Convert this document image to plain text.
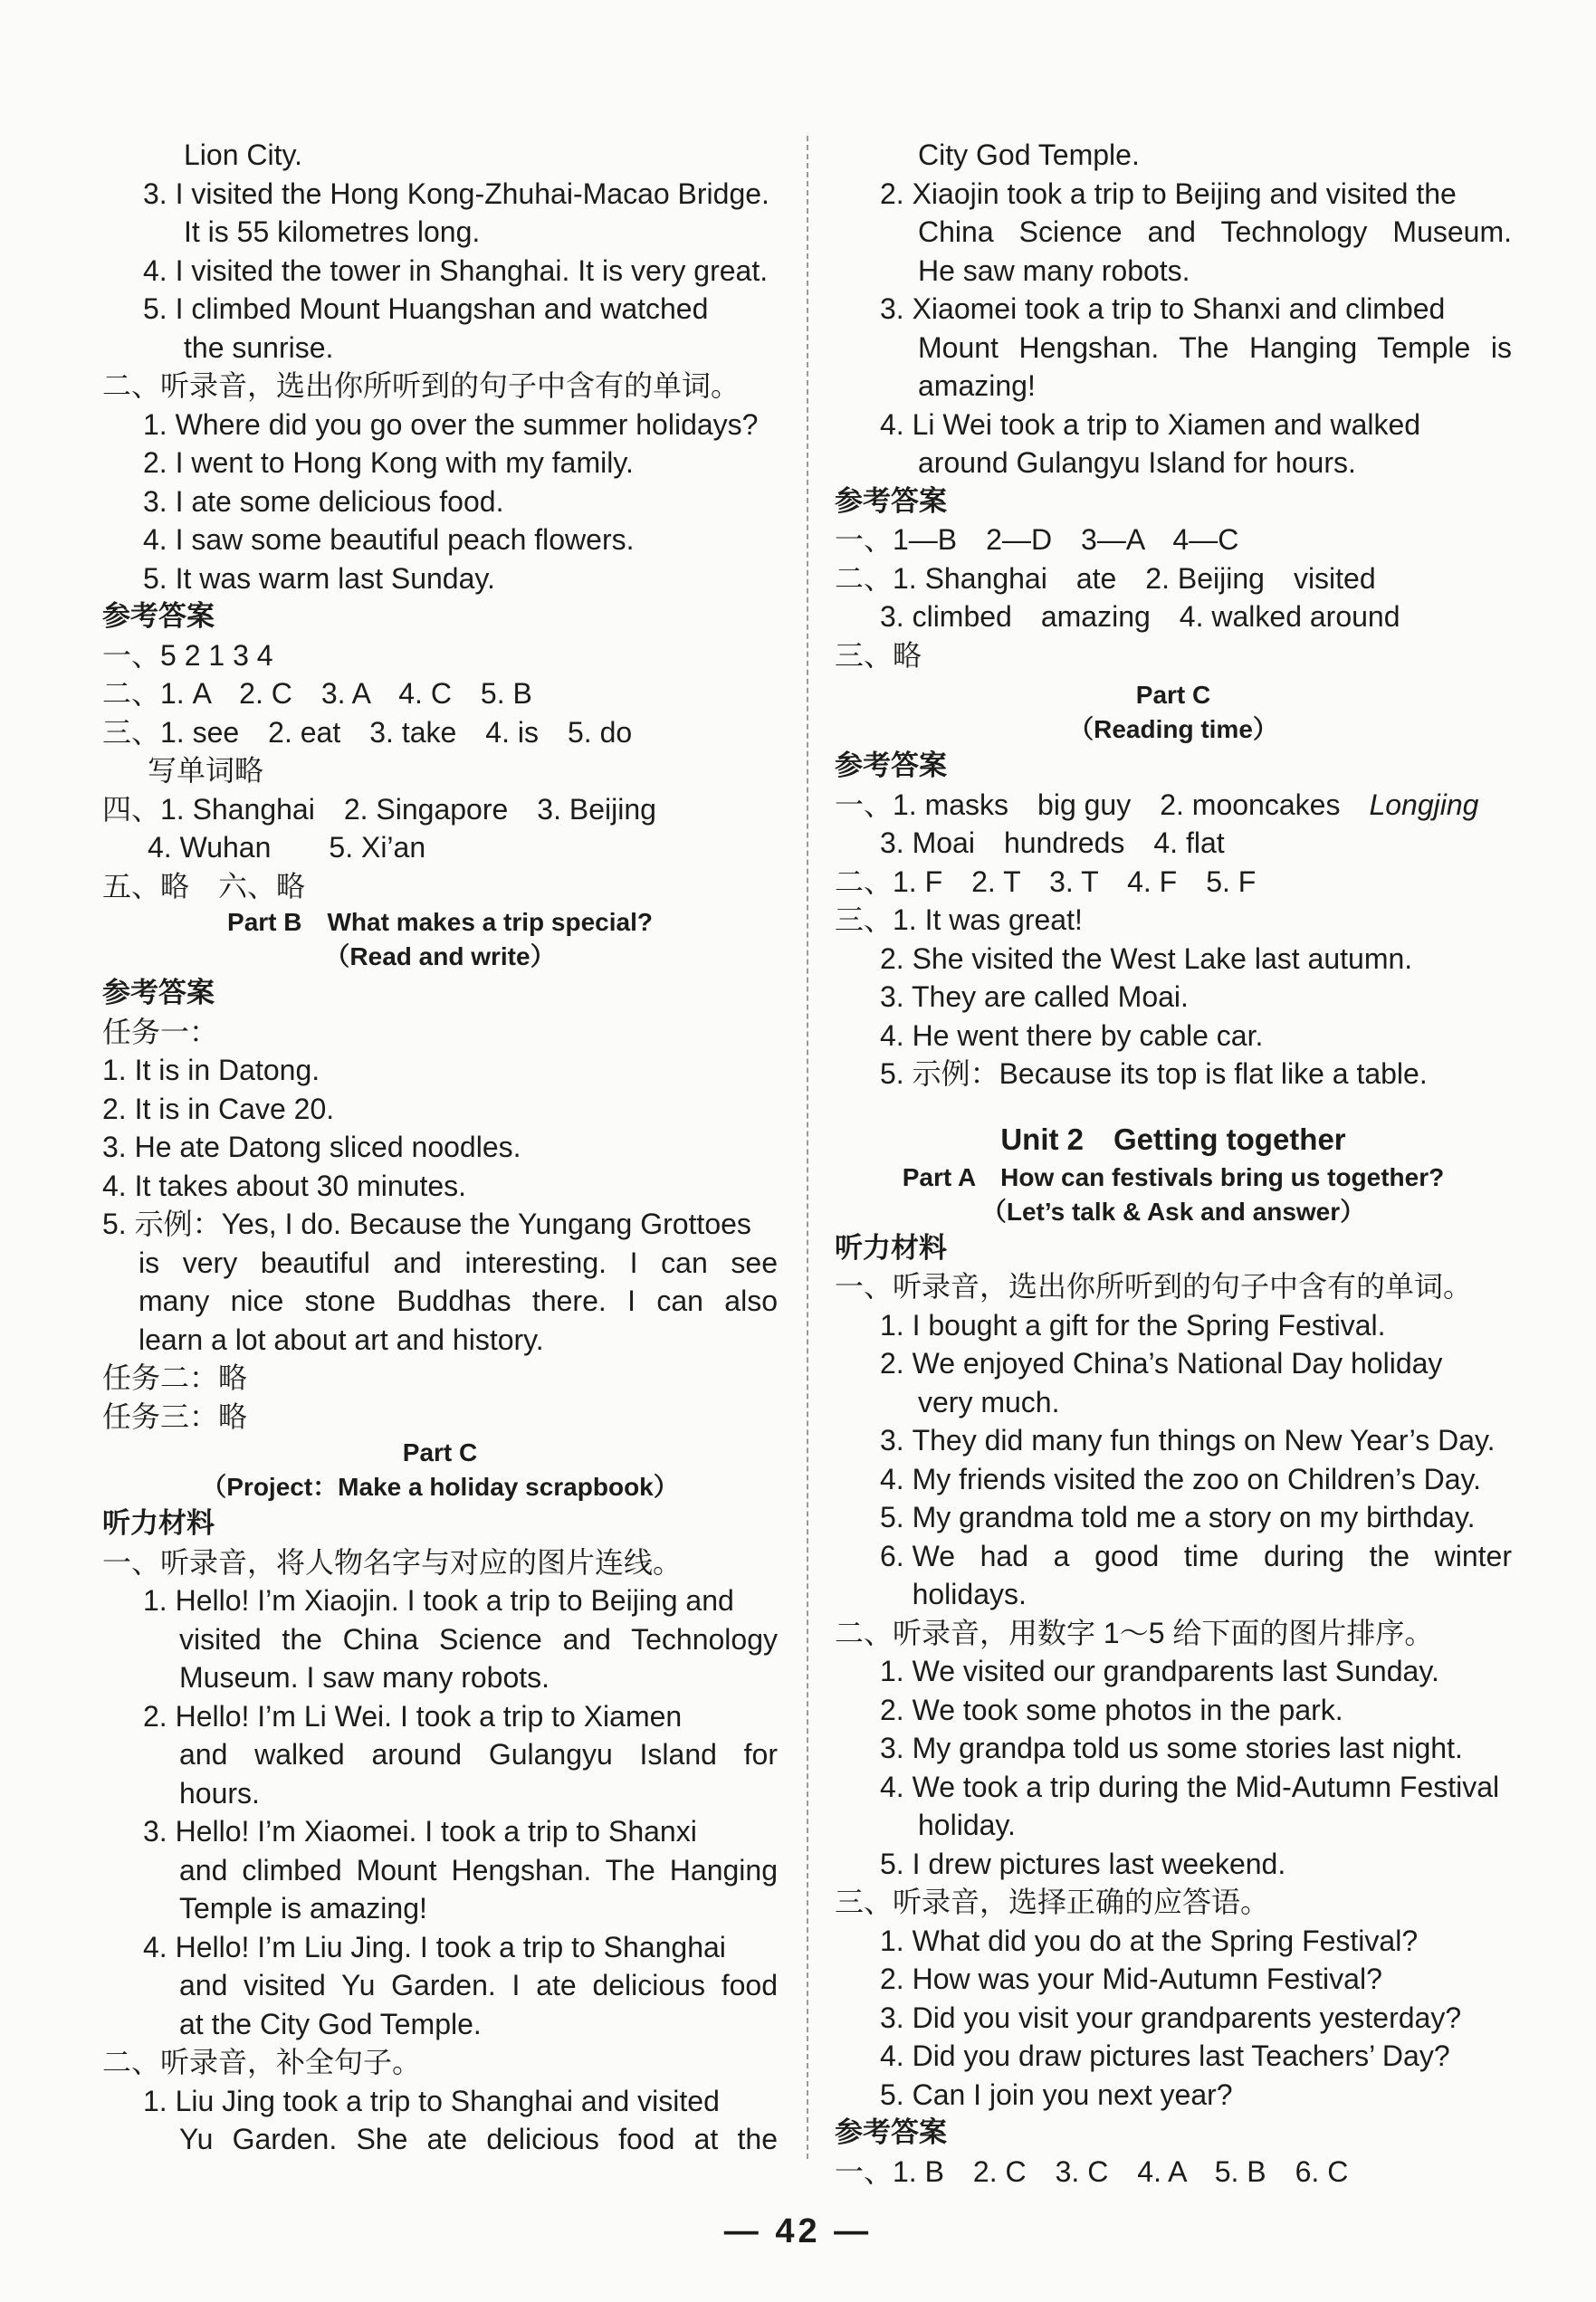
Lion City.
3. I visited the Hong Kong-Zhuhai-Macao Bridge.
It is 55 kilometres long.
4. I visited the tower in Shanghai. It is very great.
5. I climbed Mount Huangshan and watched
the sunrise.
二、听录音，选出你所听到的句子中含有的单词。
1. Where did you go over the summer holidays?
2. I went to Hong Kong with my family.
3. I ate some delicious food.
4. I saw some beautiful peach flowers.
5. It was warm last Sunday.
参考答案
一、5 2 1 3 4
二、1. A　2. C　3. A　4. C　5. B
三、1. see　2. eat　3. take　4. is　5. do
写单词略
四、1. Shanghai　2. Singapore　3. Beijing
4. Wuhan　　5. Xi’an
五、略　六、略
Part B　What makes a trip special?
（Read and write）
参考答案
任务一：
1. It is in Datong.
2. It is in Cave 20.
3. He ate Datong sliced noodles.
4. It takes about 30 minutes.
5. 示例：Yes, I do. Because the Yungang Grottoes
is very beautiful and interesting. I can see
many nice stone Buddhas there. I can also
learn a lot about art and history.
任务二：略
任务三：略
Part C
（Project：Make a holiday scrapbook）
听力材料
一、听录音，将人物名字与对应的图片连线。
1. Hello! I’m Xiaojin. I took a trip to Beijing and
visited the China Science and Technology
Museum. I saw many robots.
2. Hello! I’m Li Wei. I took a trip to Xiamen
and walked around Gulangyu Island for
hours.
3. Hello! I’m Xiaomei. I took a trip to Shanxi
and climbed Mount Hengshan. The Hanging
Temple is amazing!
4. Hello! I’m Liu Jing. I took a trip to Shanghai
and visited Yu Garden. I ate delicious food
at the City God Temple.
二、听录音，补全句子。
1. Liu Jing took a trip to Shanghai and visited
Yu Garden. She ate delicious food at the
City God Temple.
2. Xiaojin took a trip to Beijing and visited the
China Science and Technology Museum.
He saw many robots.
3. Xiaomei took a trip to Shanxi and climbed
Mount Hengshan. The Hanging Temple is
amazing!
4. Li Wei took a trip to Xiamen and walked
around Gulangyu Island for hours.
参考答案
一、1—B　2—D　3—A　4—C
二、1. Shanghai　ate　2. Beijing　visited
3. climbed　amazing　4. walked around
三、略
Part C
（Reading time）
参考答案
一、1. masks　big guy　2. mooncakes　Longjing
3. Moai　hundreds　4. flat
二、1. F　2. T　3. T　4. F　5. F
三、1. It was great!
2. She visited the West Lake last autumn.
3. They are called Moai.
4. He went there by cable car.
5. 示例：Because its top is flat like a table.
Unit 2　Getting together
Part A　How can festivals bring us together?
（Let’s talk & Ask and answer）
听力材料
一、听录音，选出你所听到的句子中含有的单词。
1. I bought a gift for the Spring Festival.
2. We enjoyed China’s National Day holiday
very much.
3. They did many fun things on New Year’s Day.
4. My friends visited the zoo on Children’s Day.
5. My grandma told me a story on my birthday.
6. We had a good time during the winter holidays.
二、听录音，用数字 1～5 给下面的图片排序。
1. We visited our grandparents last Sunday.
2. We took some photos in the park.
3. My grandpa told us some stories last night.
4. We took a trip during the Mid-Autumn Festival
holiday.
5. I drew pictures last weekend.
三、听录音，选择正确的应答语。
1. What did you do at the Spring Festival?
2. How was your Mid-Autumn Festival?
3. Did you visit your grandparents yesterday?
4. Did you draw pictures last Teachers’ Day?
5. Can I join you next year?
参考答案
一、1. B　2. C　3. C　4. A　5. B　6. C
— 42 —
